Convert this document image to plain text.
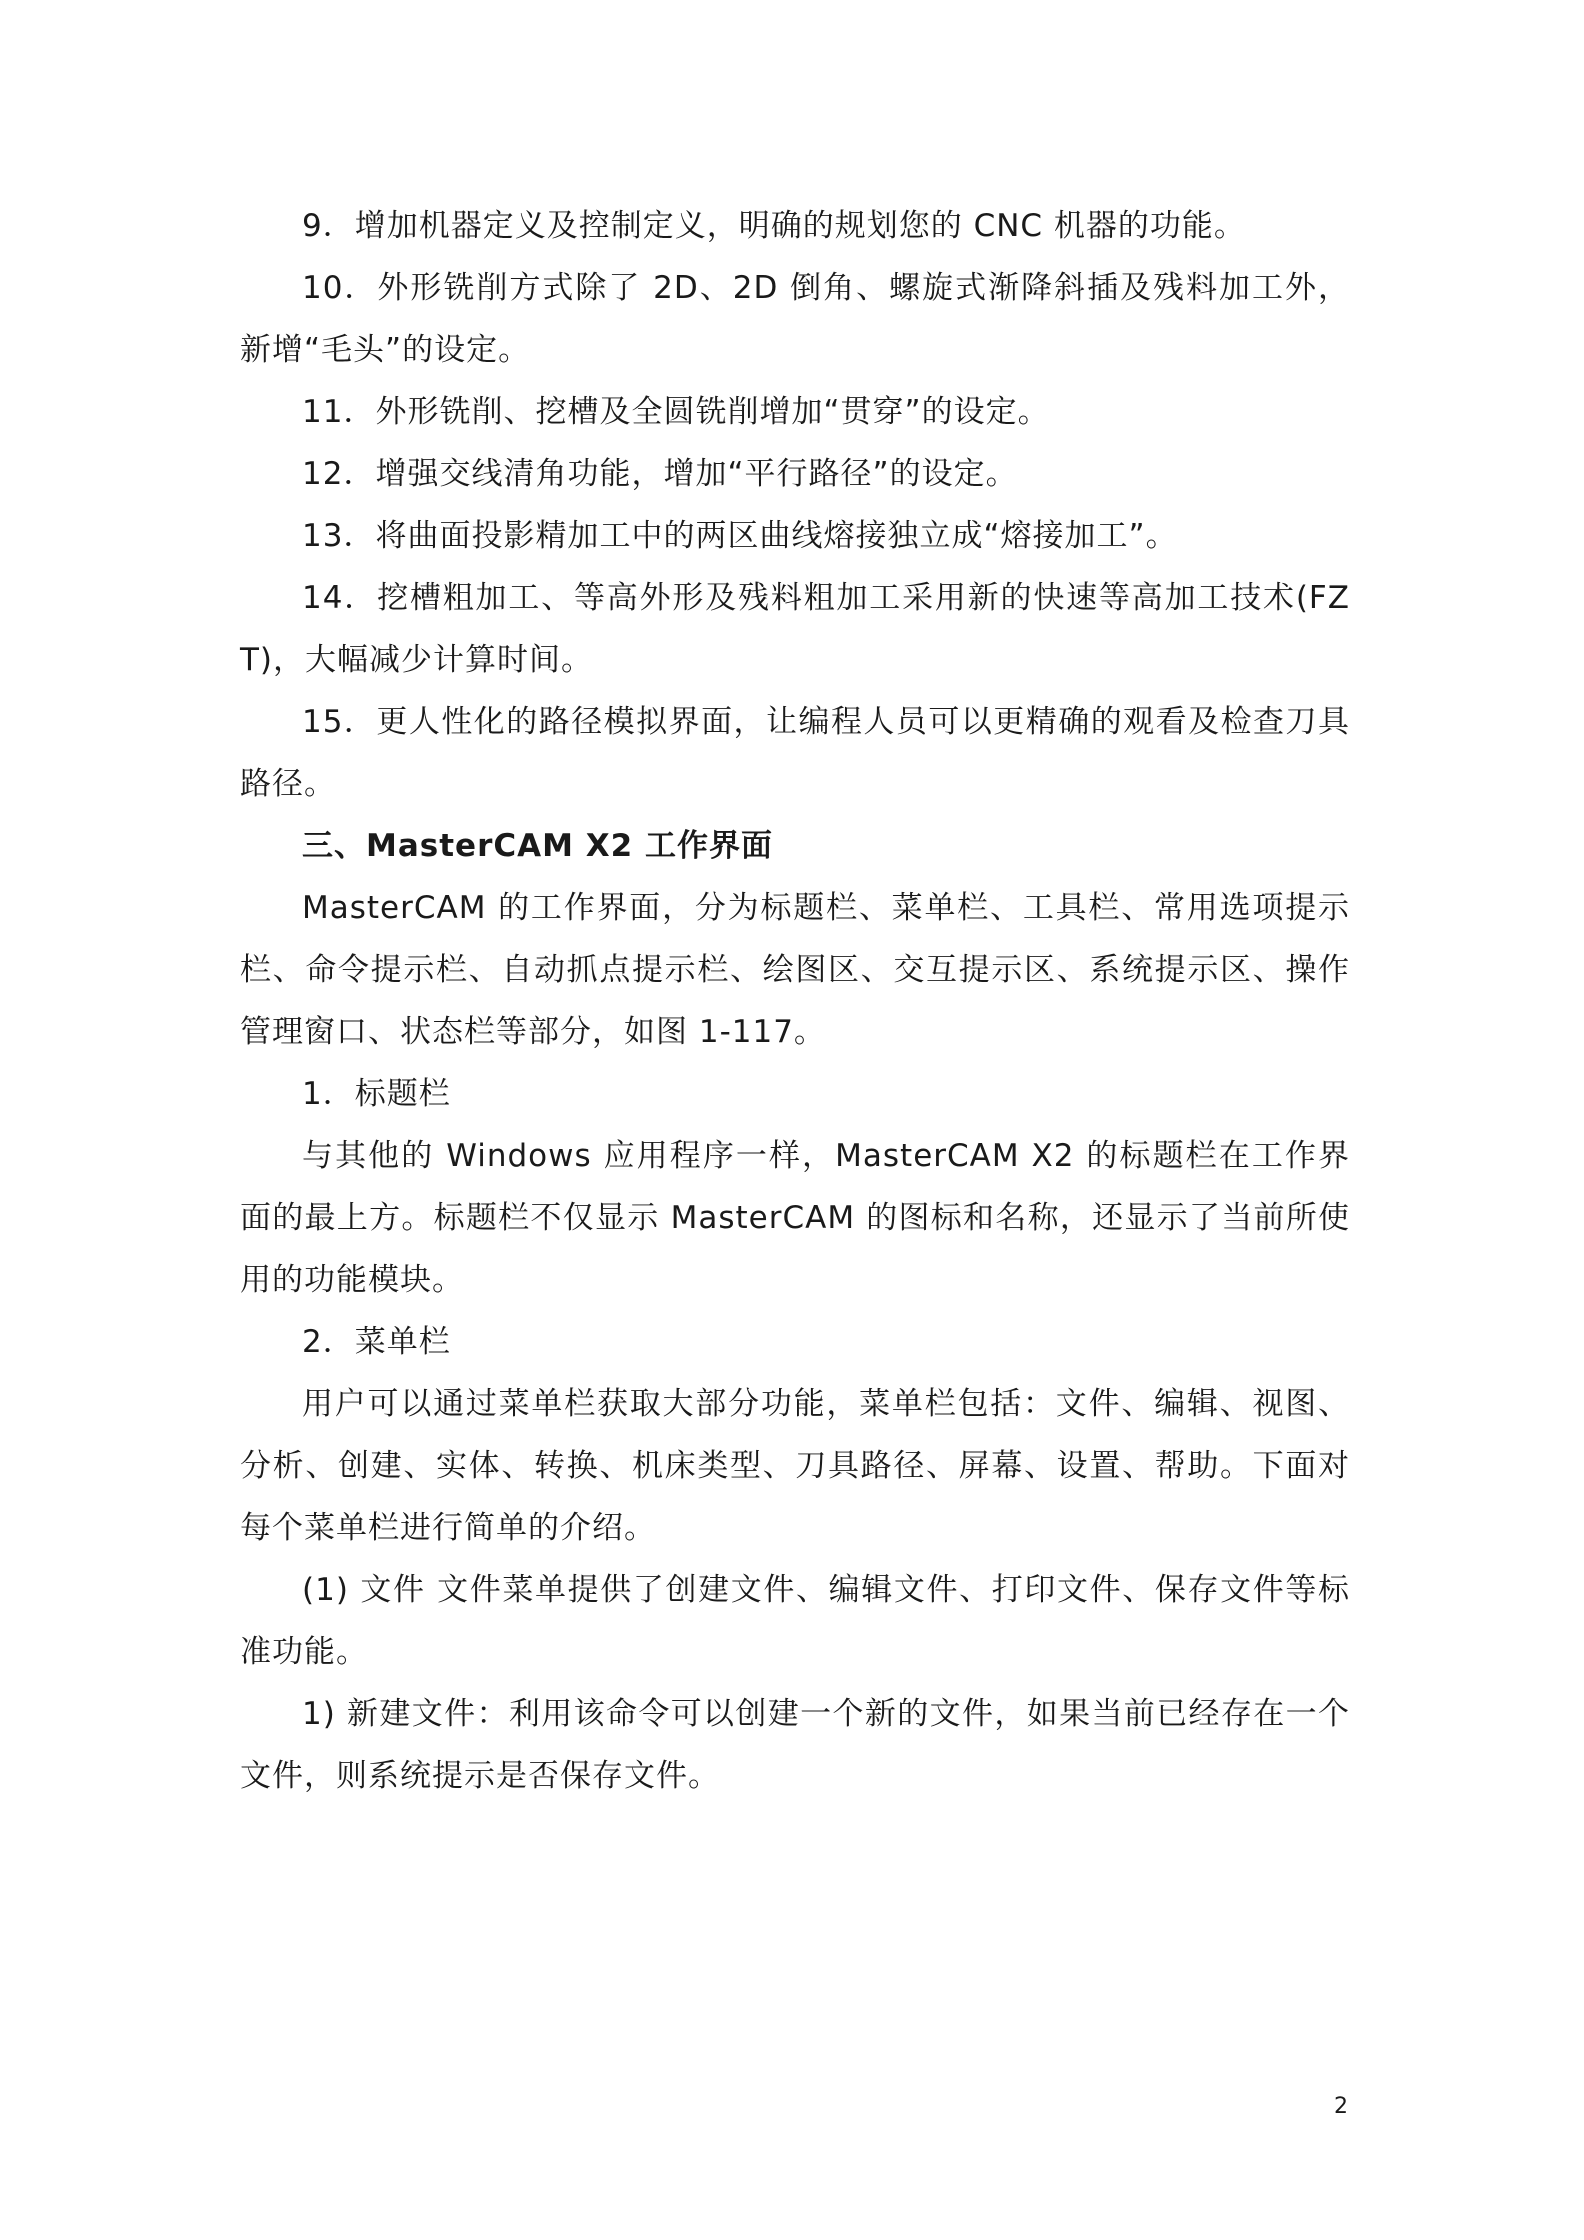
9．增加机器定义及控制定义，明确的规划您的 CNC 机器的功能。

10．外形铣削方式除了 2D、2D 倒角、螺旋式渐降斜插及残料加工外，新增“毛头”的设定。

11．外形铣削、挖槽及全圆铣削增加“贯穿”的设定。

12．增强交线清角功能，增加“平行路径”的设定。

13．将曲面投影精加工中的两区曲线熔接独立成“熔接加工”。

14．挖槽粗加工、等高外形及残料粗加工采用新的快速等高加工技术(FZT)，大幅减少计算时间。

15．更人性化的路径模拟界面，让编程人员可以更精确的观看及检查刀具路径。

三、MasterCAM X2 工作界面

MasterCAM 的工作界面，分为标题栏、菜单栏、工具栏、常用选项提示栏、命令提示栏、自动抓点提示栏、绘图区、交互提示区、系统提示区、操作管理窗口、状态栏等部分，如图 1-117。

1．标题栏

与其他的 Windows 应用程序一样，MasterCAM X2 的标题栏在工作界面的最上方。标题栏不仅显示 MasterCAM 的图标和名称，还显示了当前所使用的功能模块。

2．菜单栏

用户可以通过菜单栏获取大部分功能，菜单栏包括：文件、编辑、视图、分析、创建、实体、转换、机床类型、刀具路径、屏幕、设置、帮助。下面对每个菜单栏进行简单的介绍。

(1) 文件 文件菜单提供了创建文件、编辑文件、打印文件、保存文件等标准功能。

1) 新建文件：利用该命令可以创建一个新的文件，如果当前已经存在一个文件，则系统提示是否保存文件。

2
